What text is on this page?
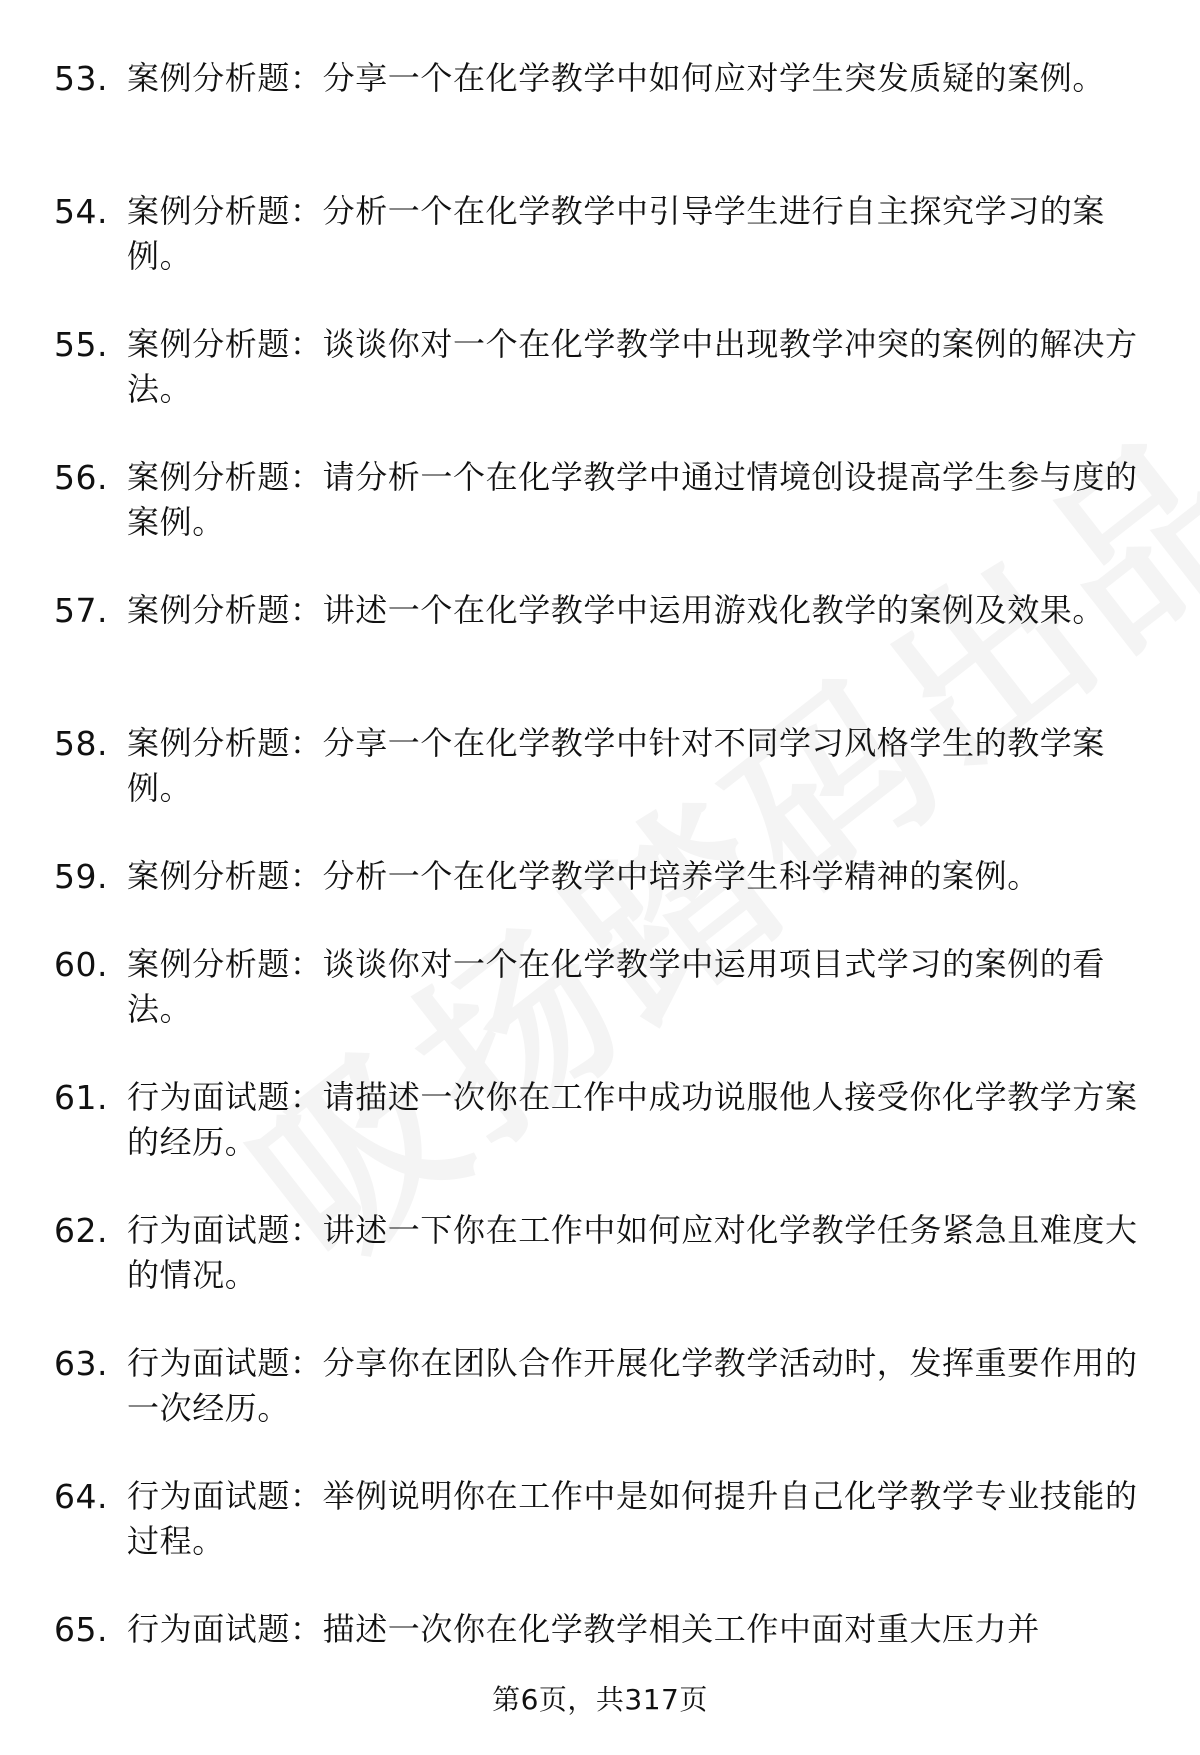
53. 案例分析题：分享一个在化学教学中如何应对学生突发质疑的案例。
54. 案例分析题：分析一个在化学教学中引导学生进行自主探究学习的案例。
55. 案例分析题：谈谈你对一个在化学教学中出现教学冲突的案例的解决方法。
56. 案例分析题：请分析一个在化学教学中通过情境创设提高学生参与度的案例。
57. 案例分析题：讲述一个在化学教学中运用游戏化教学的案例及效果。
58. 案例分析题：分享一个在化学教学中针对不同学习风格学生的教学案例。
59. 案例分析题：分析一个在化学教学中培养学生科学精神的案例。
60. 案例分析题：谈谈你对一个在化学教学中运用项目式学习的案例的看法。
61. 行为面试题：请描述一次你在工作中成功说服他人接受你化学教学方案的经历。
62. 行为面试题：讲述一下你在工作中如何应对化学教学任务紧急且难度大的情况。
63. 行为面试题：分享你在团队合作开展化学教学活动时，发挥重要作用的一次经历。
64. 行为面试题：举例说明你在工作中是如何提升自己化学教学专业技能的过程。
65. 行为面试题：描述一次你在化学教学相关工作中面对重大压力并
第6页，共317页
